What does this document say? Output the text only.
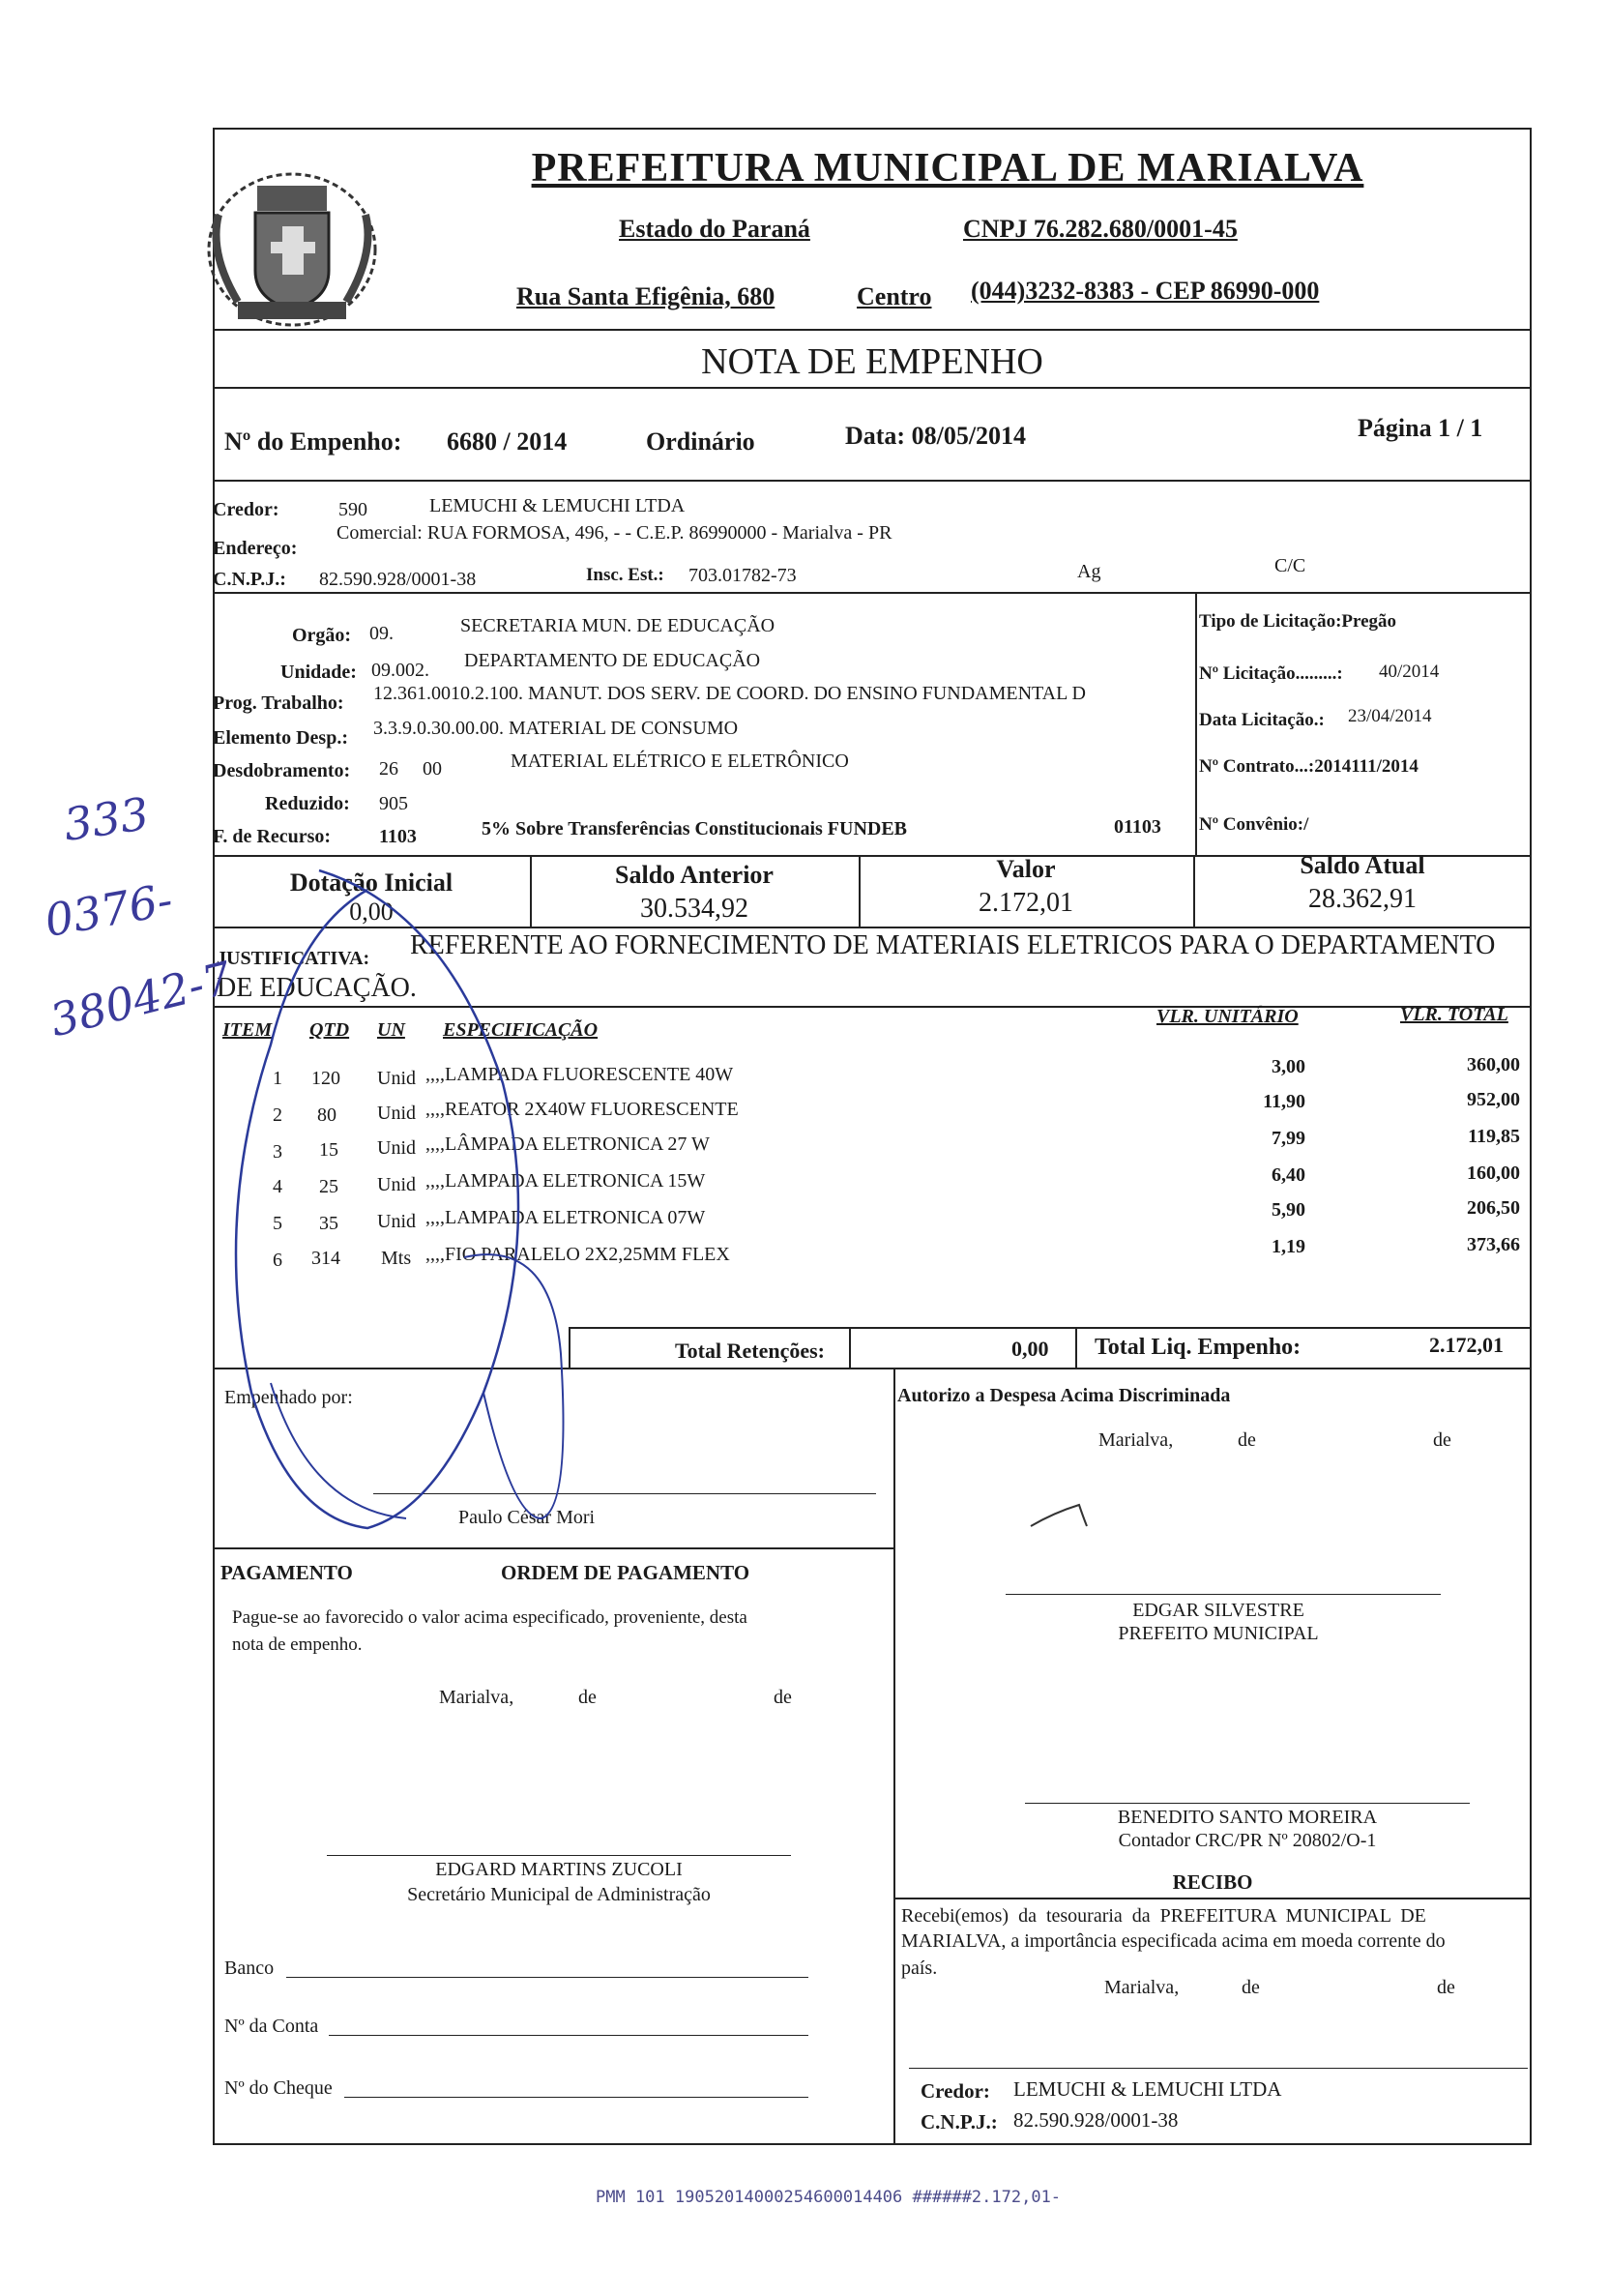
PREFEITURA MUNICIPAL DE MARIALVA
Estado do Paraná	CNPJ 76.282.680/0001-45
Rua Santa Efigênia, 680	Centro (044)3232-8383 - CEP 86990-000
NOTA DE EMPENHO
Nº do Empenho: 6680 / 2014	Ordinário	Data: 08/05/2014	Página 1 / 1
Credor:	590	LEMUCHI & LEMUCHI LTDA
Endereço:
Comercial: RUA FORMOSA, 496, - - C.E.P. 86990000 - Marialva - PR
C.N.P.J.: 82.590.928/0001-38	Insc. Est.: 703.01782-73	Ag	C/C
Orgão: 09.	SECRETARIA MUN. DE EDUCAÇÃO
Unidade: 09.002. DEPARTAMENTO DE EDUCAÇÃO
Prog. Trabalho: 12.361.0010.2.100. MANUT. DOS SERV. DE COORD. DO ENSINO FUNDAMENTAL D
Elemento Desp.: 3.3.9.0.30.00.00. MATERIAL DE CONSUMO
Desdobramento: 26     00	MATERIAL ELÉTRICO E ELETRÔNICO
Reduzido: 905
F. de Recurso: 1103	5% Sobre Transferências Constitucionais FUNDEB	01103
Tipo de Licitação:Pregão
Nº Licitação.........: 40/2014
Data Licitação.: 23/04/2014
Nº Contrato...:2014111/2014
Nº Convênio:/
Dotação Inicial
0,00
Saldo Anterior
30.534,92
Valor
2.172,01
Saldo Atual
28.362,91
JUSTIFICATIVA: REFERENTE AO FORNECIMENTO DE MATERIAIS ELETRICOS PARA O DEPARTAMENTO
DE EDUCAÇÃO.
ITEM QTD UN ESPECIFICAÇÃO
VLR. UNITÁRIO	VLR. TOTAL
1 120 Unid ,,,,LAMPADA FLUORESCENTE 40W	3,00	360,00
2 80 Unid ,,,,REATOR 2X40W FLUORESCENTE	11,90	952,00
3 15 Unid ,,,,LÂMPADA ELETRONICA 27 W	7,99	119,85
4 25 Unid ,,,,LAMPADA ELETRONICA 15W	6,40	160,00
5 35 Unid ,,,,LAMPADA ELETRONICA 07W	5,90	206,50
6 314 Mts ,,,,FIO PARALELO 2X2,25MM FLEX	1,19	373,66
Total Retenções:	0,00 Total Liq. Empenho:	2.172,01
Empenhado por:
Paulo César Mori
Autorizo a Despesa Acima Discriminada
Marialva,	de	de
PAGAMENTO	ORDEM DE PAGAMENTO
Pague-se ao favorecido o valor acima especificado, proveniente, desta
nota de empenho.
Marialva,	de	de
EDGAR SILVESTRE
PREFEITO MUNICIPAL
BENEDITO SANTO MOREIRA
Contador CRC/PR Nº 20802/O-1
EDGARD MARTINS ZUCOLI
Secretário Municipal de Administração
RECIBO
Recebi(emos)  da  tesouraria  da  PREFEITURA  MUNICIPAL  DE
MARIALVA, a importância especificada acima em moeda corrente do
país.
Marialva,	de	de
Credor: LEMUCHI & LEMUCHI LTDA
C.N.P.J.: 82.590.928/0001-38
Banco
Nº da Conta
Nº do Cheque
333
0376-
38042-7
PMM 101 19052014000254600014406 ######2.172,01-
